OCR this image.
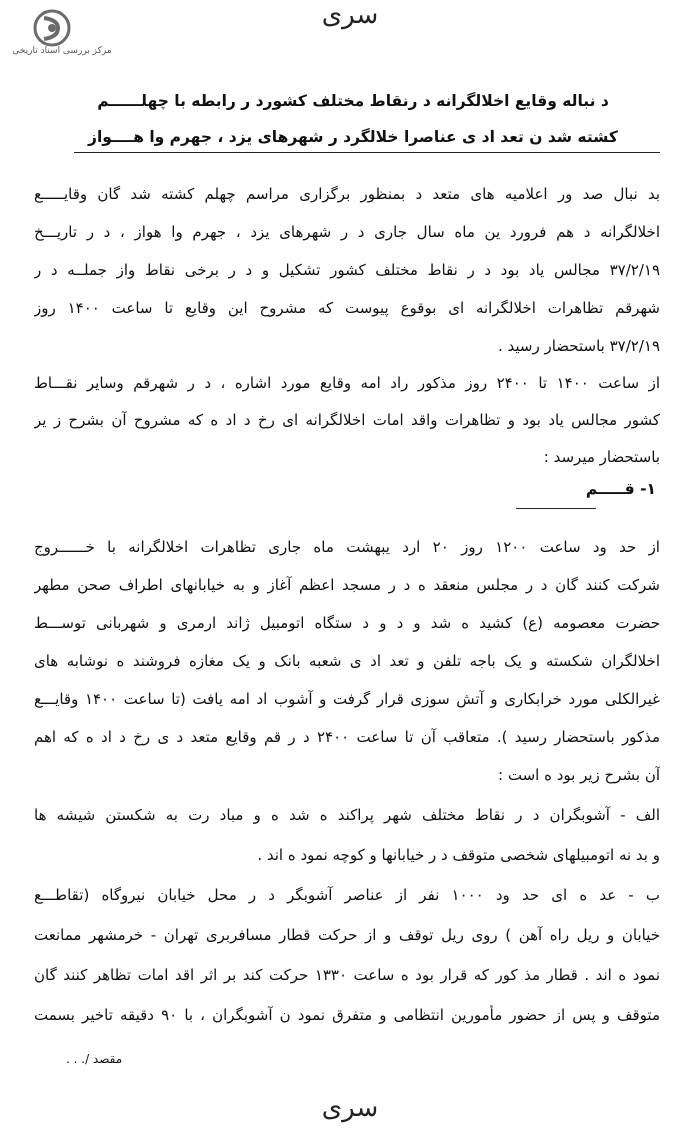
سری
مرکز بررسی اسناد تاریخی
د نباله وقایع اخلالگرانه د رنقاط مختلف کشورد ر رابطه با چهلــــــم
کشته شد ن تعد اد ی عناصرا خلالگرد ر شهرهای یزد ، جهرم وا هــــواز
بد نبال صد ور اعلامیه های متعد د بمنظور برگزاری مراسم چهلم کشته شد گان وقایـــــع
اخلالگرانه د هم فرورد ین ماه سال جاری د ر شهرهای یزد ، جهرم وا هواز ، د ر تاریـــخ
۳۷/۲/۱۹ مجالس یاد بود د ر نقاط مختلف کشور تشکیل و د ر برخی نقاط واز جملــه د ر
شهرقم تظاهرات اخلالگرانه ای بوقوع پیوست که مشروح این وقایع تا ساعت ۱۴۰۰ روز
۳۷/۲/۱۹ باستحضار رسید .
از ساعت ۱۴۰۰ تا ۲۴۰۰ روز مذکور راد امه وقایع مورد اشاره ، د ر شهرقم وسایر نقـــاط
کشور مجالس یاد بود و تظاهرات واقد امات اخلالگرانه ای رخ د اد ه که مشروح آن بشرح ز یر
باستحضار میرسد :
۱- قـــــم
از حد ود ساعت ۱۲۰۰ روز ۲۰ ارد یبهشت ماه جاری تظاهرات اخلالگرانه با خــــــروج
شرکت کنند گان د ر مجلس منعقد ه د ر مسجد اعظم آغاز و به خیابانهای اطراف صحن مطهر
حضرت معصومه (ع) کشید ه شد و د و د ستگاه اتومبیل ژاند ارمری و شهربانی توســـط
اخلالگران شکسته و یک باجه تلفن و تعد اد ی شعبه بانک و یک مغازه فروشند ه نوشابه های
غیرالکلی مورد خرابکاری و آتش سوزی قرار گرفت و آشوب اد امه یافت (تا ساعت ۱۴۰۰ وقایـــع
مذکور باستحضار رسید ). متعاقب آن تا ساعت ۲۴۰۰ د ر قم وقایع متعد د ی رخ د اد ه که اهم
آن بشرح زیر بود ه است :
الف - آشوبگران د ر نقاط مختلف شهر پراکند ه شد ه و مباد رت به شکستن شیشه ها
و بد نه اتومبیلهای شخصی متوقف د ر خیابانها و کوچه نمود ه اند .
ب - عد ه ای حد ود ۱۰۰۰ نفر از عناصر آشوبگر د ر محل خیابان نیروگاه (تقاطـــع
خیابان و ریل راه آهن ) روی ریل توقف و از حرکت قطار مسافربری تهران - خرمشهر ممانعت
نمود ه اند . قطار مذ کور که قرار بود ه ساعت ۱۳۳۰ حرکت کند بر اثر اقد امات تظاهر کنند گان
متوقف و پس از حضور مأمورین انتظامی و متفرق نمود ن آشوبگران ، با ۹۰ دقیقه تاخیر بسمت
مقصد /. . .
سری
